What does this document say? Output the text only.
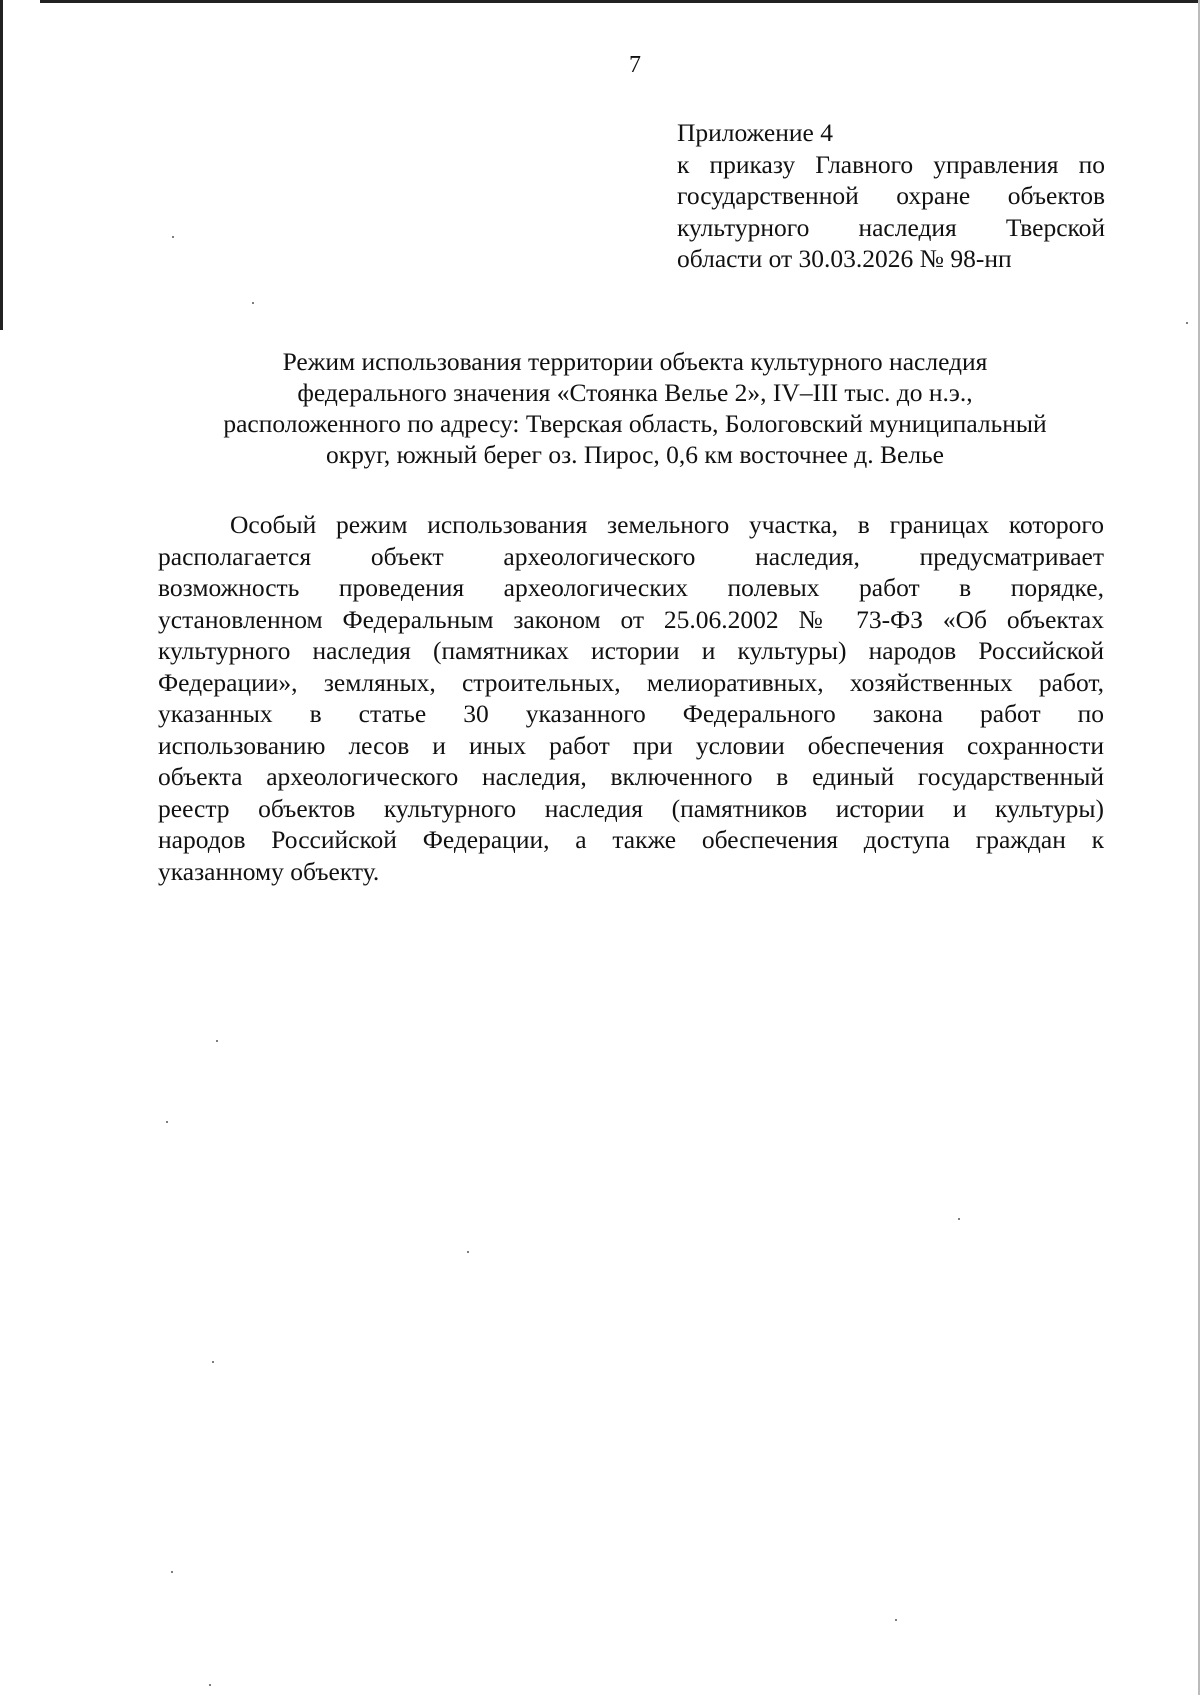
7
Приложение 4
к приказу Главного управления по
государственной охране объектов
культурного наследия Тверской
области от 30.03.2026 № 98-нп
Режим использования территории объекта культурного наследия
федерального значения «Стоянка Велье 2», IV–III тыс. до н.э.,
расположенного по адресу: Тверская область, Бологовский муниципальный
округ, южный берег оз. Пирос, 0,6 км восточнее д. Велье
Особый режим использования земельного участка, в границах которого
располагается объект археологического наследия, предусматривает
возможность проведения археологических полевых работ в порядке,
установленном Федеральным законом от 25.06.2002 № 73-ФЗ «Об объектах
культурного наследия (памятниках истории и культуры) народов Российской
Федерации», земляных, строительных, мелиоративных, хозяйственных работ,
указанных в статье 30 указанного Федерального закона работ по
использованию лесов и иных работ при условии обеспечения сохранности
объекта археологического наследия, включенного в единый государственный
реестр объектов культурного наследия (памятников истории и культуры)
народов Российской Федерации, а также обеспечения доступа граждан к
указанному объекту.
